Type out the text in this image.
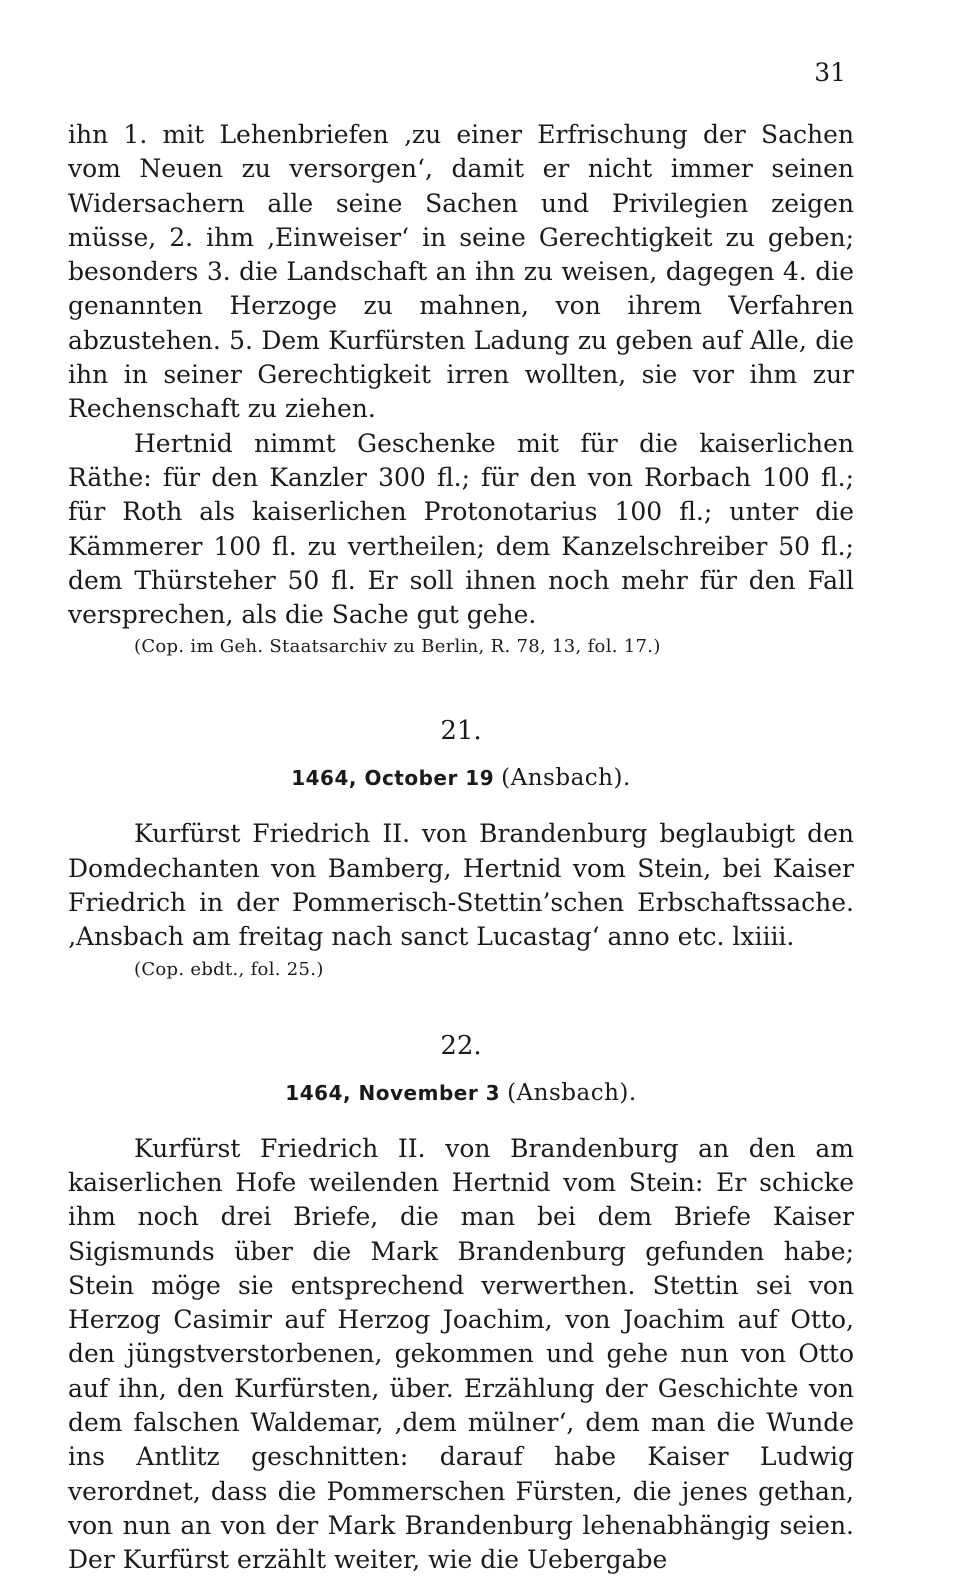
31

ihn 1. mit Lehenbriefen ‚zu einer Erfrischung der Sachen vom Neuen zu versorgen‘, damit er nicht immer seinen Widersachern alle seine Sachen und Privilegien zeigen müsse, 2. ihm ‚Einweiser‘ in seine Gerechtigkeit zu geben; besonders 3. die Landschaft an ihn zu weisen, dagegen 4. die genannten Herzoge zu mahnen, von ihrem Verfahren abzustehen. 5. Dem Kurfürsten Ladung zu geben auf Alle, die ihn in seiner Gerechtigkeit irren wollten, sie vor ihm zur Rechenschaft zu ziehen.

Hertnid nimmt Geschenke mit für die kaiserlichen Räthe: für den Kanzler 300 fl.; für den von Rorbach 100 fl.; für Roth als kaiserlichen Protonotarius 100 fl.; unter die Kämmerer 100 fl. zu vertheilen; dem Kanzelschreiber 50 fl.; dem Thürsteher 50 fl. Er soll ihnen noch mehr für den Fall versprechen, als die Sache gut gehe.

(Cop. im Geh. Staatsarchiv zu Berlin, R. 78, 13, fol. 17.)

21.
1464, October 19 (Ansbach).

Kurfürst Friedrich II. von Brandenburg beglaubigt den Domdechanten von Bamberg, Hertnid vom Stein, bei Kaiser Friedrich in der Pommerisch-Stettin’schen Erbschaftssache. ‚Ansbach am freitag nach sanct Lucastag‘ anno etc. lxiiii.

(Cop. ebdt., fol. 25.)

22.
1464, November 3 (Ansbach).

Kurfürst Friedrich II. von Brandenburg an den am kaiserlichen Hofe weilenden Hertnid vom Stein: Er schicke ihm noch drei Briefe, die man bei dem Briefe Kaiser Sigismunds über die Mark Brandenburg gefunden habe; Stein möge sie entsprechend verwerthen. Stettin sei von Herzog Casimir auf Herzog Joachim, von Joachim auf Otto, den jüngstverstorbenen, gekommen und gehe nun von Otto auf ihn, den Kurfürsten, über. Erzählung der Geschichte von dem falschen Waldemar, ‚dem mülner‘, dem man die Wunde ins Antlitz geschnitten: darauf habe Kaiser Ludwig verordnet, dass die Pommerschen Fürsten, die jenes gethan, von nun an von der Mark Brandenburg lehenabhängig seien. Der Kurfürst erzählt weiter, wie die Uebergabe
